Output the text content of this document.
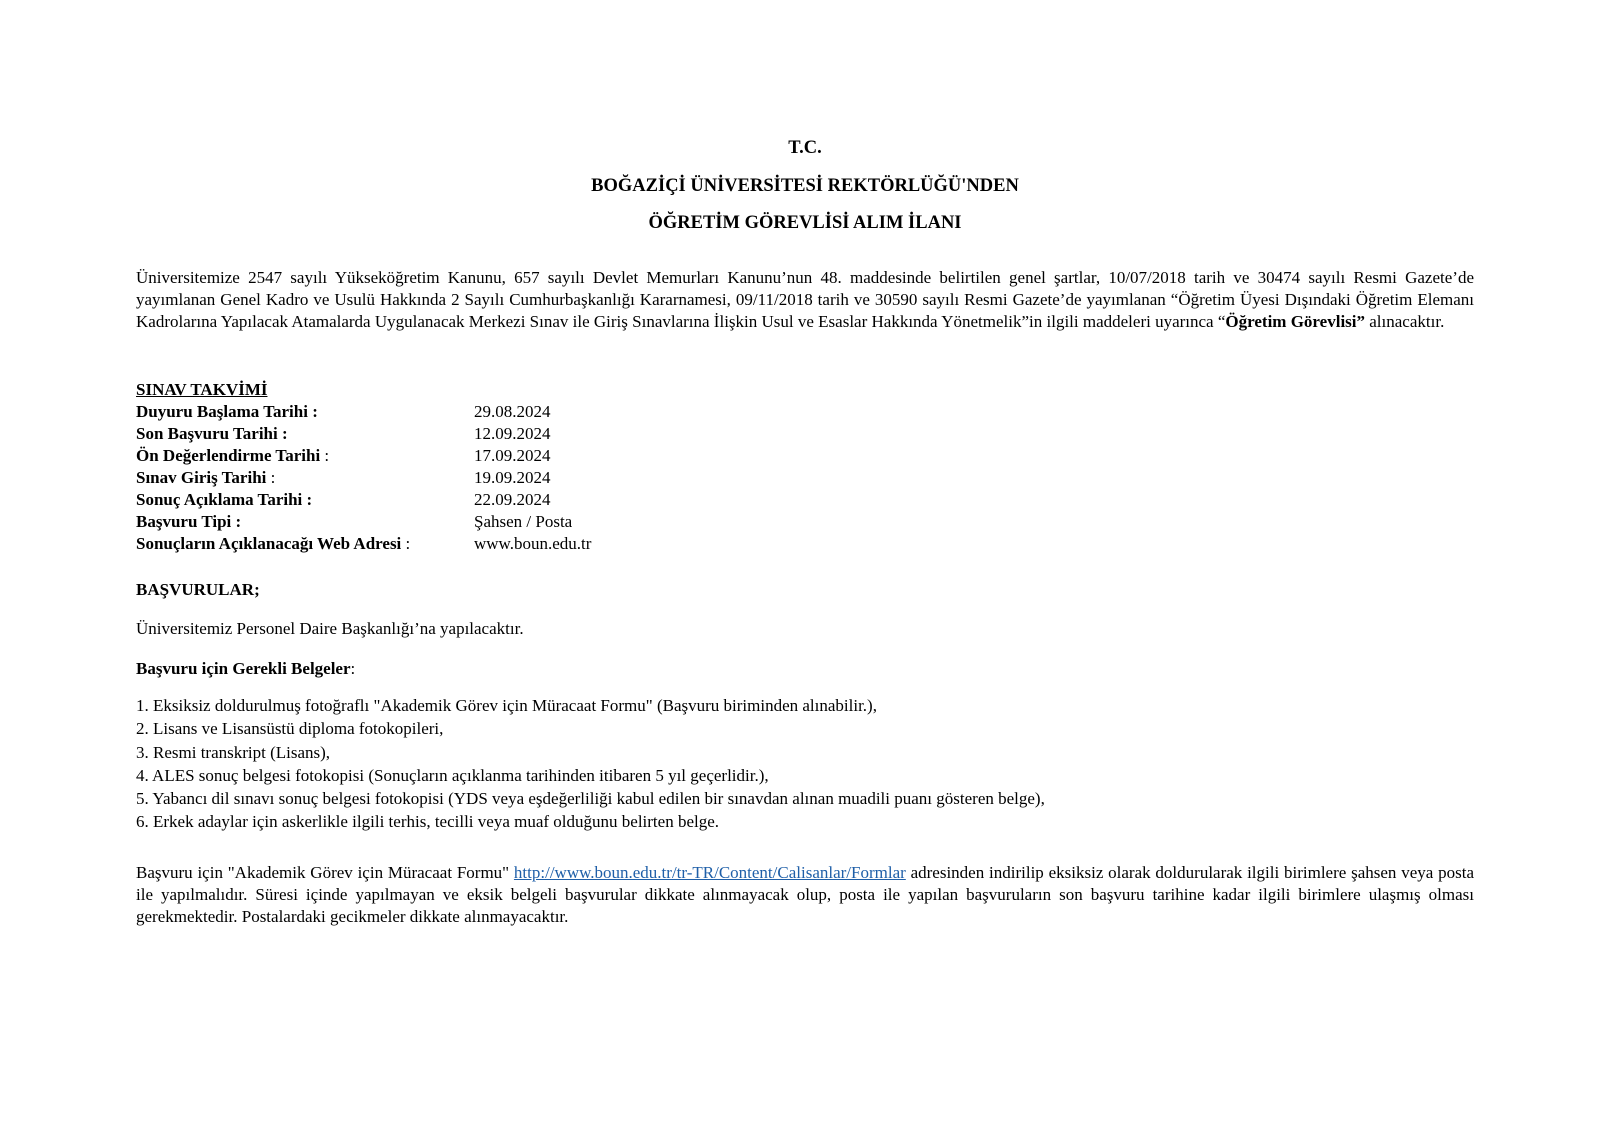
T.C.
BOĞAZİÇİ ÜNİVERSİTESİ REKTÖRLÜĞÜ'NDEN
ÖĞRETİM GÖREVLİSİ ALIM İLANI

Üniversitemize 2547 sayılı Yükseköğretim Kanunu, 657 sayılı Devlet Memurları Kanunu’nun 48. maddesinde belirtilen genel şartlar, 10/07/2018 tarih ve 30474 sayılı Resmi Gazete’de yayımlanan Genel Kadro ve Usulü Hakkında 2 Sayılı Cumhurbaşkanlığı Kararnamesi, 09/11/2018 tarih ve 30590 sayılı Resmi Gazete’de yayımlanan “Öğretim Üyesi Dışındaki Öğretim Elemanı Kadrolarına Yapılacak Atamalarda Uygulanacak Merkezi Sınav ile Giriş Sınavlarına İlişkin Usul ve Esaslar Hakkında Yönetmelik”in ilgili maddeleri uyarınca “Öğretim Görevlisi” alınacaktır.

SINAV TAKVİMİ
Duyuru Başlama Tarihi :	29.08.2024
Son Başvuru Tarihi :	12.09.2024
Ön Değerlendirme Tarihi :	17.09.2024
Sınav Giriş Tarihi :	19.09.2024
Sonuç Açıklama Tarihi :	22.09.2024
Başvuru Tipi :	Şahsen / Posta
Sonuçların Açıklanacağı Web Adresi :	www.boun.edu.tr
BAŞVURULAR;
Üniversitemiz Personel Daire Başkanlığı’na yapılacaktır.
Başvuru için Gerekli Belgeler:
1. Eksiksiz doldurulmuş fotoğraflı "Akademik Görev için Müracaat Formu" (Başvuru biriminden alınabilir.),
2. Lisans ve Lisansüstü diploma fotokopileri,
3. Resmi transkript (Lisans),
4. ALES sonuç belgesi fotokopisi (Sonuçların açıklanma tarihinden itibaren 5 yıl geçerlidir.),
5. Yabancı dil sınavı sonuç belgesi fotokopisi (YDS veya eşdeğerliliği kabul edilen bir sınavdan alınan muadili puanı gösteren belge),
6. Erkek adaylar için askerlikle ilgili terhis, tecilli veya muaf olduğunu belirten belge.

Başvuru için "Akademik Görev için Müracaat Formu" http://www.boun.edu.tr/tr-TR/Content/Calisanlar/Formlar adresinden indirilip eksiksiz olarak doldurularak ilgili birimlere şahsen veya posta ile yapılmalıdır. Süresi içinde yapılmayan ve eksik belgeli başvurular dikkate alınmayacak olup, posta ile yapılan başvuruların son başvuru tarihine kadar ilgili birimlere ulaşmış olması gerekmektedir. Postalardaki gecikmeler dikkate alınmayacaktır.
